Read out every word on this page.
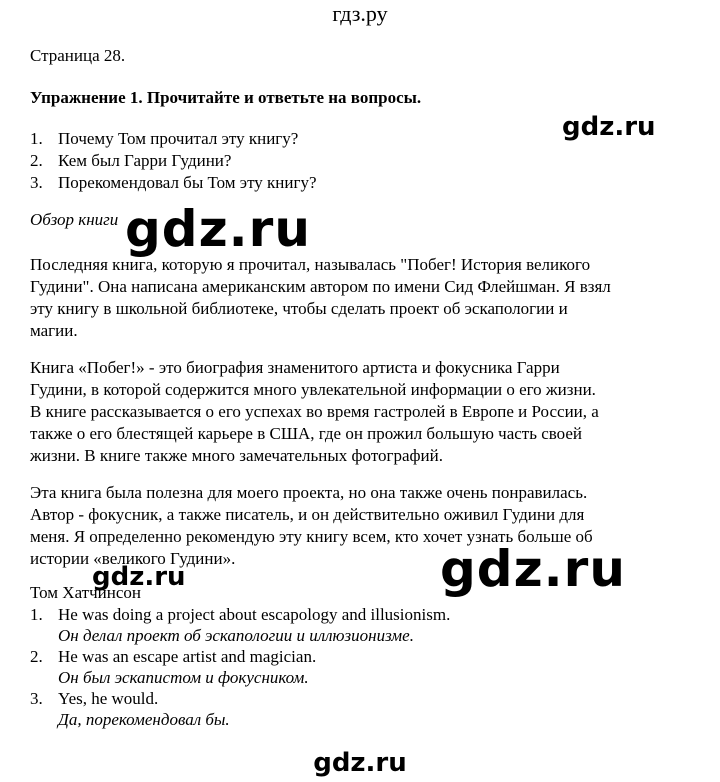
гдз.ру
Страница 28.
Упражнение 1. Прочитайте и ответьте на вопросы.
1. Почему Том прочитал эту книгу?
2. Кем был Гарри Гудини?
3. Порекомендовал бы Том эту книгу?
Обзор книги
Последняя книга, которую я прочитал, называлась "Побег! История великого
Гудини". Она написана американским автором по имени Сид Флейшман. Я взял
эту книгу в школьной библиотеке, чтобы сделать проект об эскапологии и
магии.
Книга «Побег!» - это биография знаменитого артиста и фокусника Гарри
Гудини, в которой содержится много увлекательной информации о его жизни.
В книге рассказывается о его успехах во время гастролей в Европе и России, а
также о его блестящей карьере в США, где он прожил большую часть своей
жизни. В книге также много замечательных фотографий.
Эта книга была полезна для моего проекта, но она также очень понравилась.
Автор - фокусник, а также писатель, и он действительно оживил Гудини для
меня. Я определенно рекомендую эту книгу всем, кто хочет узнать больше об
истории «великого Гудини».
Том Хатчинсон
1. He was doing a project about escapology and illusionism.
Он делал проект об эскапологии и иллюзионизме.
2. He was an escape artist and magician.
Он был эскапистом и фокусником.
3. Yes, he would.
Да, порекомендовал бы.
gdz.ru
gdz.ru
gdz.ru
gdz.ru
gdz.ru
